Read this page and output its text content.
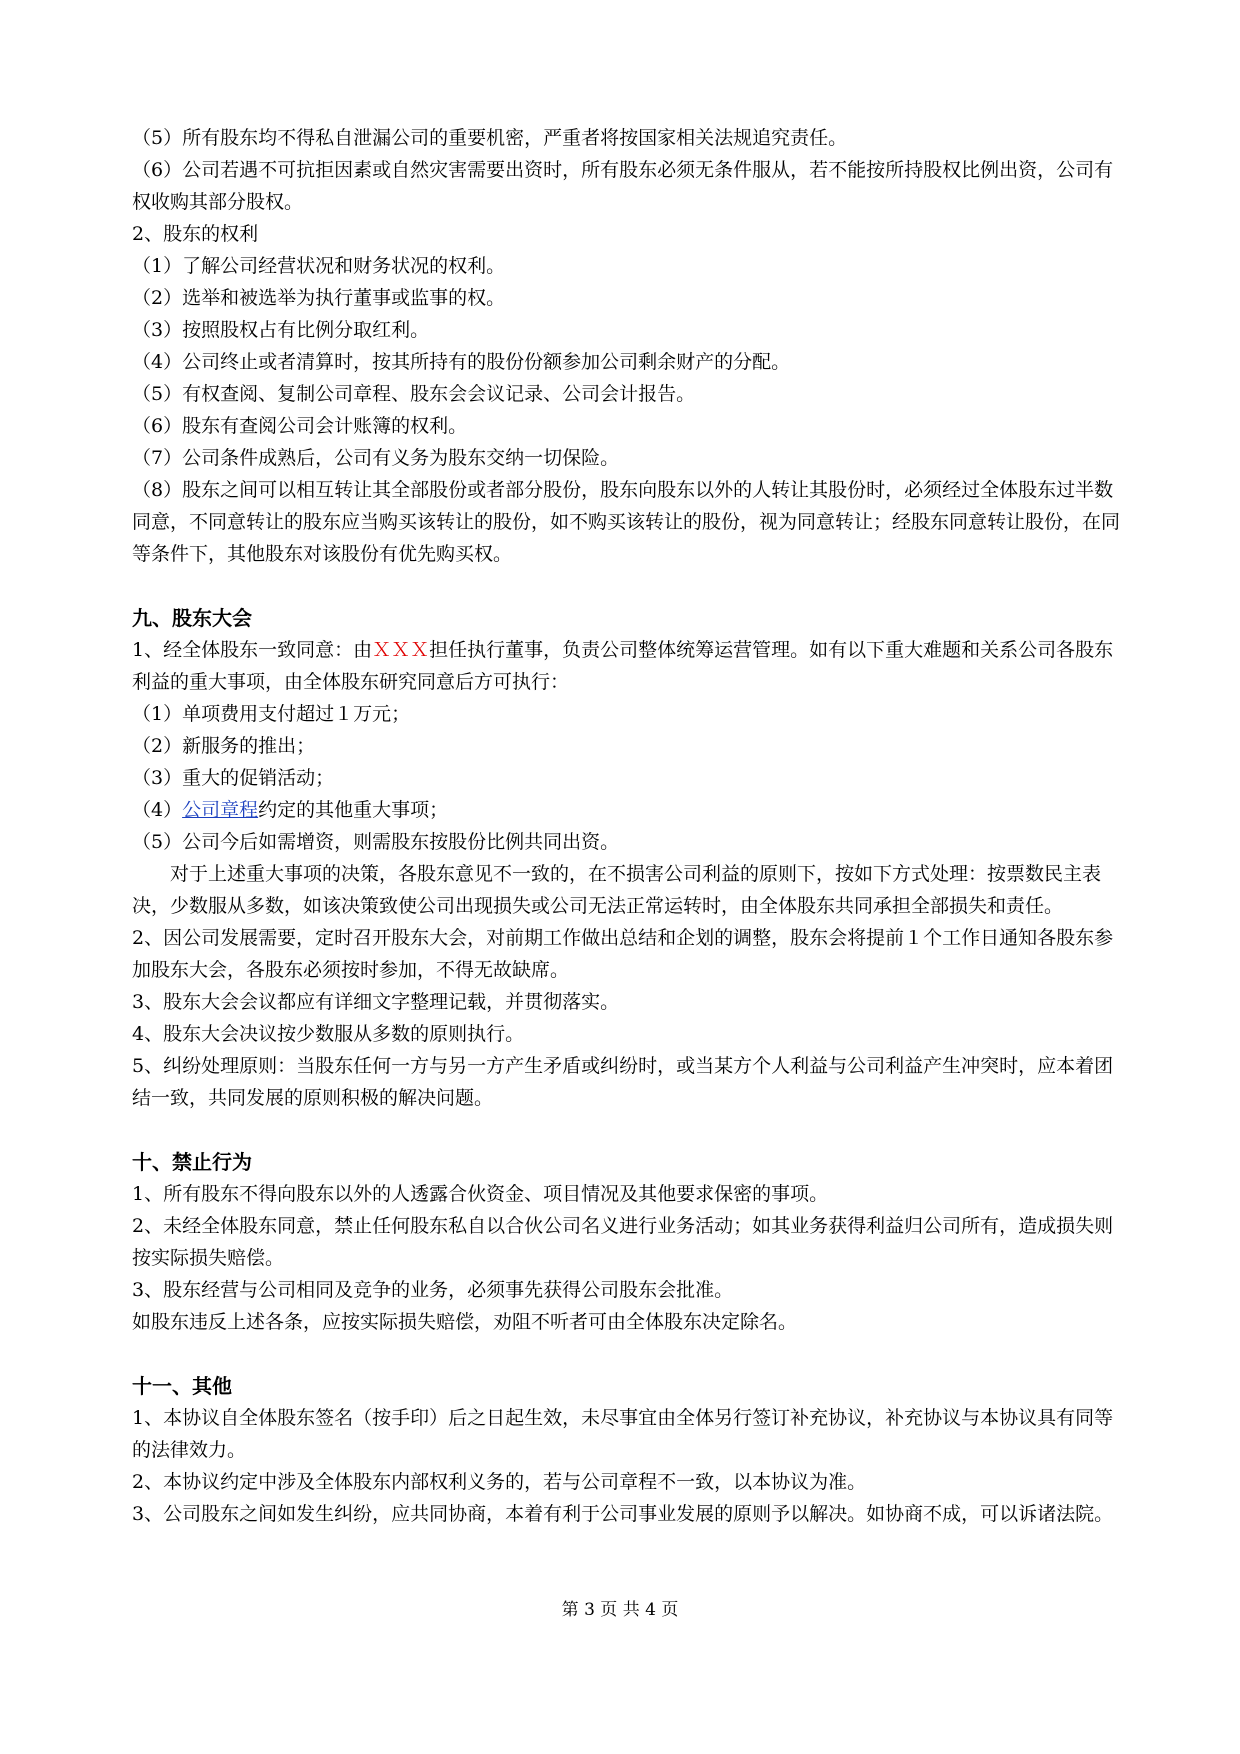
（5）所有股东均不得私自泄漏公司的重要机密，严重者将按国家相关法规追究责任。

（6）公司若遇不可抗拒因素或自然灾害需要出资时，所有股东必须无条件服从，若不能按所持股权比例出资，公司有权收购其部分股权。

2、股东的权利

（1）了解公司经营状况和财务状况的权利。

（2）选举和被选举为执行董事或监事的权。

（3）按照股权占有比例分取红利。

（4）公司终止或者清算时，按其所持有的股份份额参加公司剩余财产的分配。

（5）有权查阅、复制公司章程、股东会会议记录、公司会计报告。

（6）股东有查阅公司会计账簿的权利。

（7）公司条件成熟后，公司有义务为股东交纳一切保险。

（8）股东之间可以相互转让其全部股份或者部分股份，股东向股东以外的人转让其股份时，必须经过全体股东过半数同意，不同意转让的股东应当购买该转让的股份，如不购买该转让的股份，视为同意转让；经股东同意转让股份，在同等条件下，其他股东对该股份有优先购买权。

九、股东大会

1、经全体股东一致同意：由ＸＸＸ担任执行董事，负责公司整体统筹运营管理。如有以下重大难题和关系公司各股东利益的重大事项，由全体股东研究同意后方可执行：

（1）单项费用支付超过１万元；

（2）新服务的推出；

（3）重大的促销活动；

（4）公司章程约定的其他重大事项；

（5）公司今后如需增资，则需股东按股份比例共同出资。

对于上述重大事项的决策，各股东意见不一致的，在不损害公司利益的原则下，按如下方式处理：按票数民主表决，少数服从多数，如该决策致使公司出现损失或公司无法正常运转时，由全体股东共同承担全部损失和责任。

2、因公司发展需要，定时召开股东大会，对前期工作做出总结和企划的调整，股东会将提前１个工作日通知各股东参加股东大会，各股东必须按时参加，不得无故缺席。

3、股东大会会议都应有详细文字整理记载，并贯彻落实。

4、股东大会决议按少数服从多数的原则执行。

5、纠纷处理原则：当股东任何一方与另一方产生矛盾或纠纷时，或当某方个人利益与公司利益产生冲突时，应本着团结一致，共同发展的原则积极的解决问题。

十、禁止行为

1、所有股东不得向股东以外的人透露合伙资金、项目情况及其他要求保密的事项。

2、未经全体股东同意，禁止任何股东私自以合伙公司名义进行业务活动；如其业务获得利益归公司所有，造成损失则按实际损失赔偿。

3、股东经营与公司相同及竞争的业务，必须事先获得公司股东会批准。

如股东违反上述各条，应按实际损失赔偿，劝阻不听者可由全体股东决定除名。

十一、其他

1、本协议自全体股东签名（按手印）后之日起生效，未尽事宜由全体另行签订补充协议，补充协议与本协议具有同等的法律效力。

2、本协议约定中涉及全体股东内部权利义务的，若与公司章程不一致，以本协议为准。

3、公司股东之间如发生纠纷，应共同协商，本着有利于公司事业发展的原则予以解决。如协商不成，可以诉诸法院。

第 3 页 共 4 页
